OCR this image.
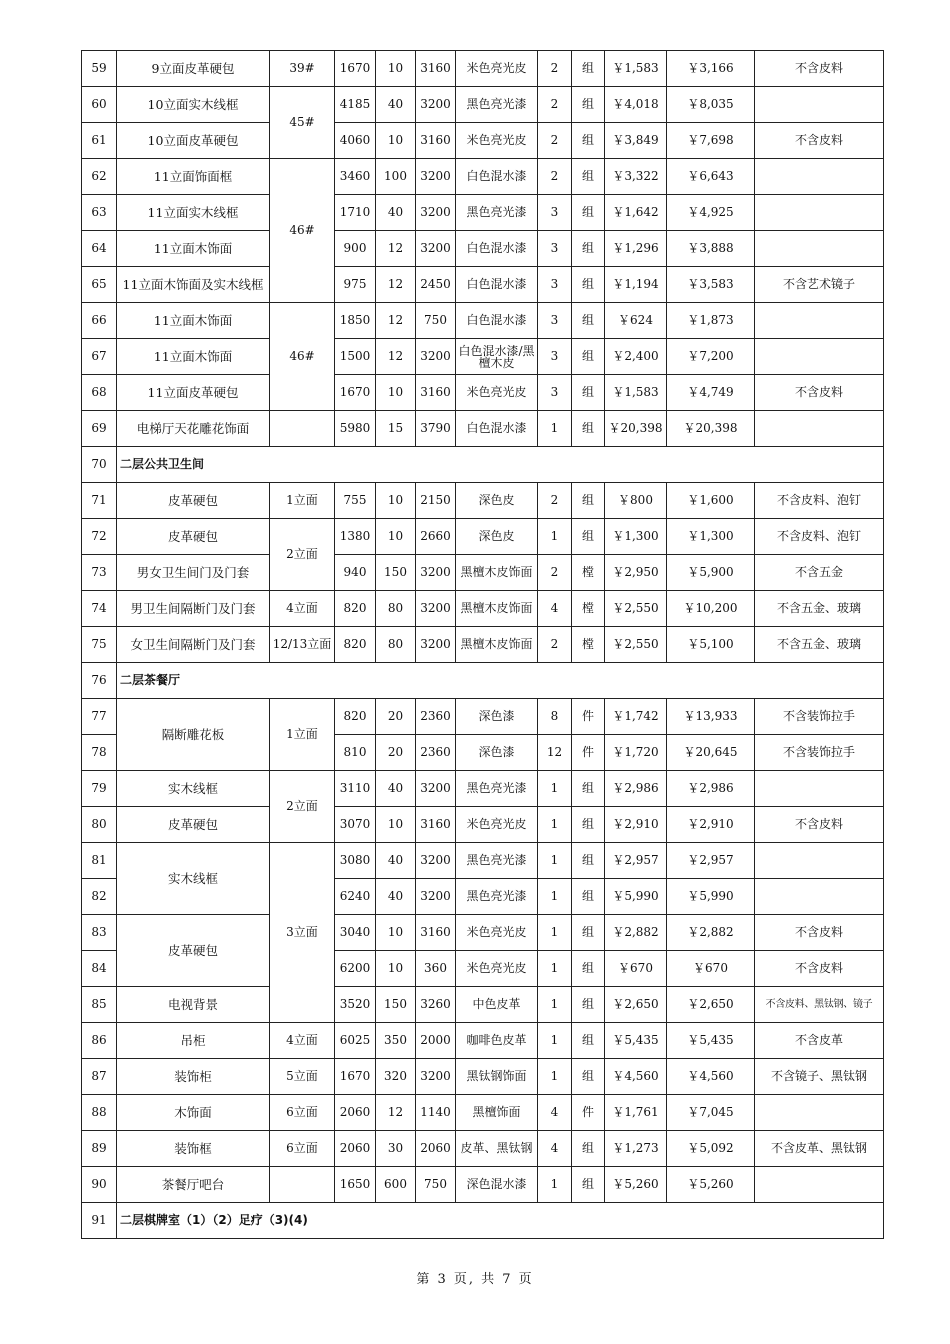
59	9立面皮革硬包	39#	1670	10	3160	米色亮光皮	2	组	￥1,583	￥3,166	不含皮料
60	10立面实木线框	45#	4185	40	3200	黑色亮光漆	2	组	￥4,018	￥8,035	
61	10立面皮革硬包		4060	10	3160	米色亮光皮	2	组	￥3,849	￥7,698	不含皮料
62	11立面饰面框	46#	3460	100	3200	白色混水漆	2	组	￥3,322	￥6,643	
63	11立面实木线框		1710	40	3200	黑色亮光漆	3	组	￥1,642	￥4,925	
64	11立面木饰面		900	12	3200	白色混水漆	3	组	￥1,296	￥3,888	
65	11立面木饰面及实木线框		975	12	2450	白色混水漆	3	组	￥1,194	￥3,583	不含艺术镜子
66	11立面木饰面	46#	1850	12	750	白色混水漆	3	组	￥624	￥1,873	
67	11立面木饰面		1500	12	3200	白色混水漆/黑檀木皮	3	组	￥2,400	￥7,200	
68	11立面皮革硬包		1670	10	3160	米色亮光皮	3	组	￥1,583	￥4,749	不含皮料
69	电梯厅天花雕花饰面		5980	15	3790	白色混水漆	1	组	￥20,398	￥20,398	
70	二层公共卫生间										
71	皮革硬包	1立面	755	10	2150	深色皮	2	组	￥800	￥1,600	不含皮料、泡钉
72	皮革硬包	2立面	1380	10	2660	深色皮	1	组	￥1,300	￥1,300	不含皮料、泡钉
73	男女卫生间门及门套		940	150	3200	黑檀木皮饰面	2	樘	￥2,950	￥5,900	不含五金
74	男卫生间隔断门及门套	4立面	820	80	3200	黑檀木皮饰面	4	樘	￥2,550	￥10,200	不含五金、玻璃
75	女卫生间隔断门及门套	12/13立面	820	80	3200	黑檀木皮饰面	2	樘	￥2,550	￥5,100	不含五金、玻璃
76	二层茶餐厅										
77	隔断雕花板	1立面	820	20	2360	深色漆	8	件	￥1,742	￥13,933	不含装饰拉手
78			810	20	2360	深色漆	12	件	￥1,720	￥20,645	不含装饰拉手
79	实木线框	2立面	3110	40	3200	黑色亮光漆	1	组	￥2,986	￥2,986	
80	皮革硬包		3070	10	3160	米色亮光皮	1	组	￥2,910	￥2,910	不含皮料
81	实木线框	3立面	3080	40	3200	黑色亮光漆	1	组	￥2,957	￥2,957	
82			6240	40	3200	黑色亮光漆	1	组	￥5,990	￥5,990	
83	皮革硬包		3040	10	3160	米色亮光皮	1	组	￥2,882	￥2,882	不含皮料
84			6200	10	360	米色亮光皮	1	组	￥670	￥670	不含皮料
85	电视背景		3520	150	3260	中色皮革	1	组	￥2,650	￥2,650	不含皮料、黑钛钢、镜子
86	吊柜	4立面	6025	350	2000	咖啡色皮革	1	组	￥5,435	￥5,435	不含皮革
87	装饰柜	5立面	1670	320	3200	黑钛钢饰面	1	组	￥4,560	￥4,560	不含镜子、黑钛钢
88	木饰面	6立面	2060	12	1140	黑檀饰面	4	件	￥1,761	￥7,045	
89	装饰框	6立面	2060	30	2060	皮革、黑钛钢	4	组	￥1,273	￥5,092	不含皮革、黑钛钢
90	茶餐厅吧台		1650	600	750	深色混水漆	1	组	￥5,260	￥5,260	
91	二层棋牌室（1）（2）足疗（3)(4)										
第 3 页, 共 7 页
